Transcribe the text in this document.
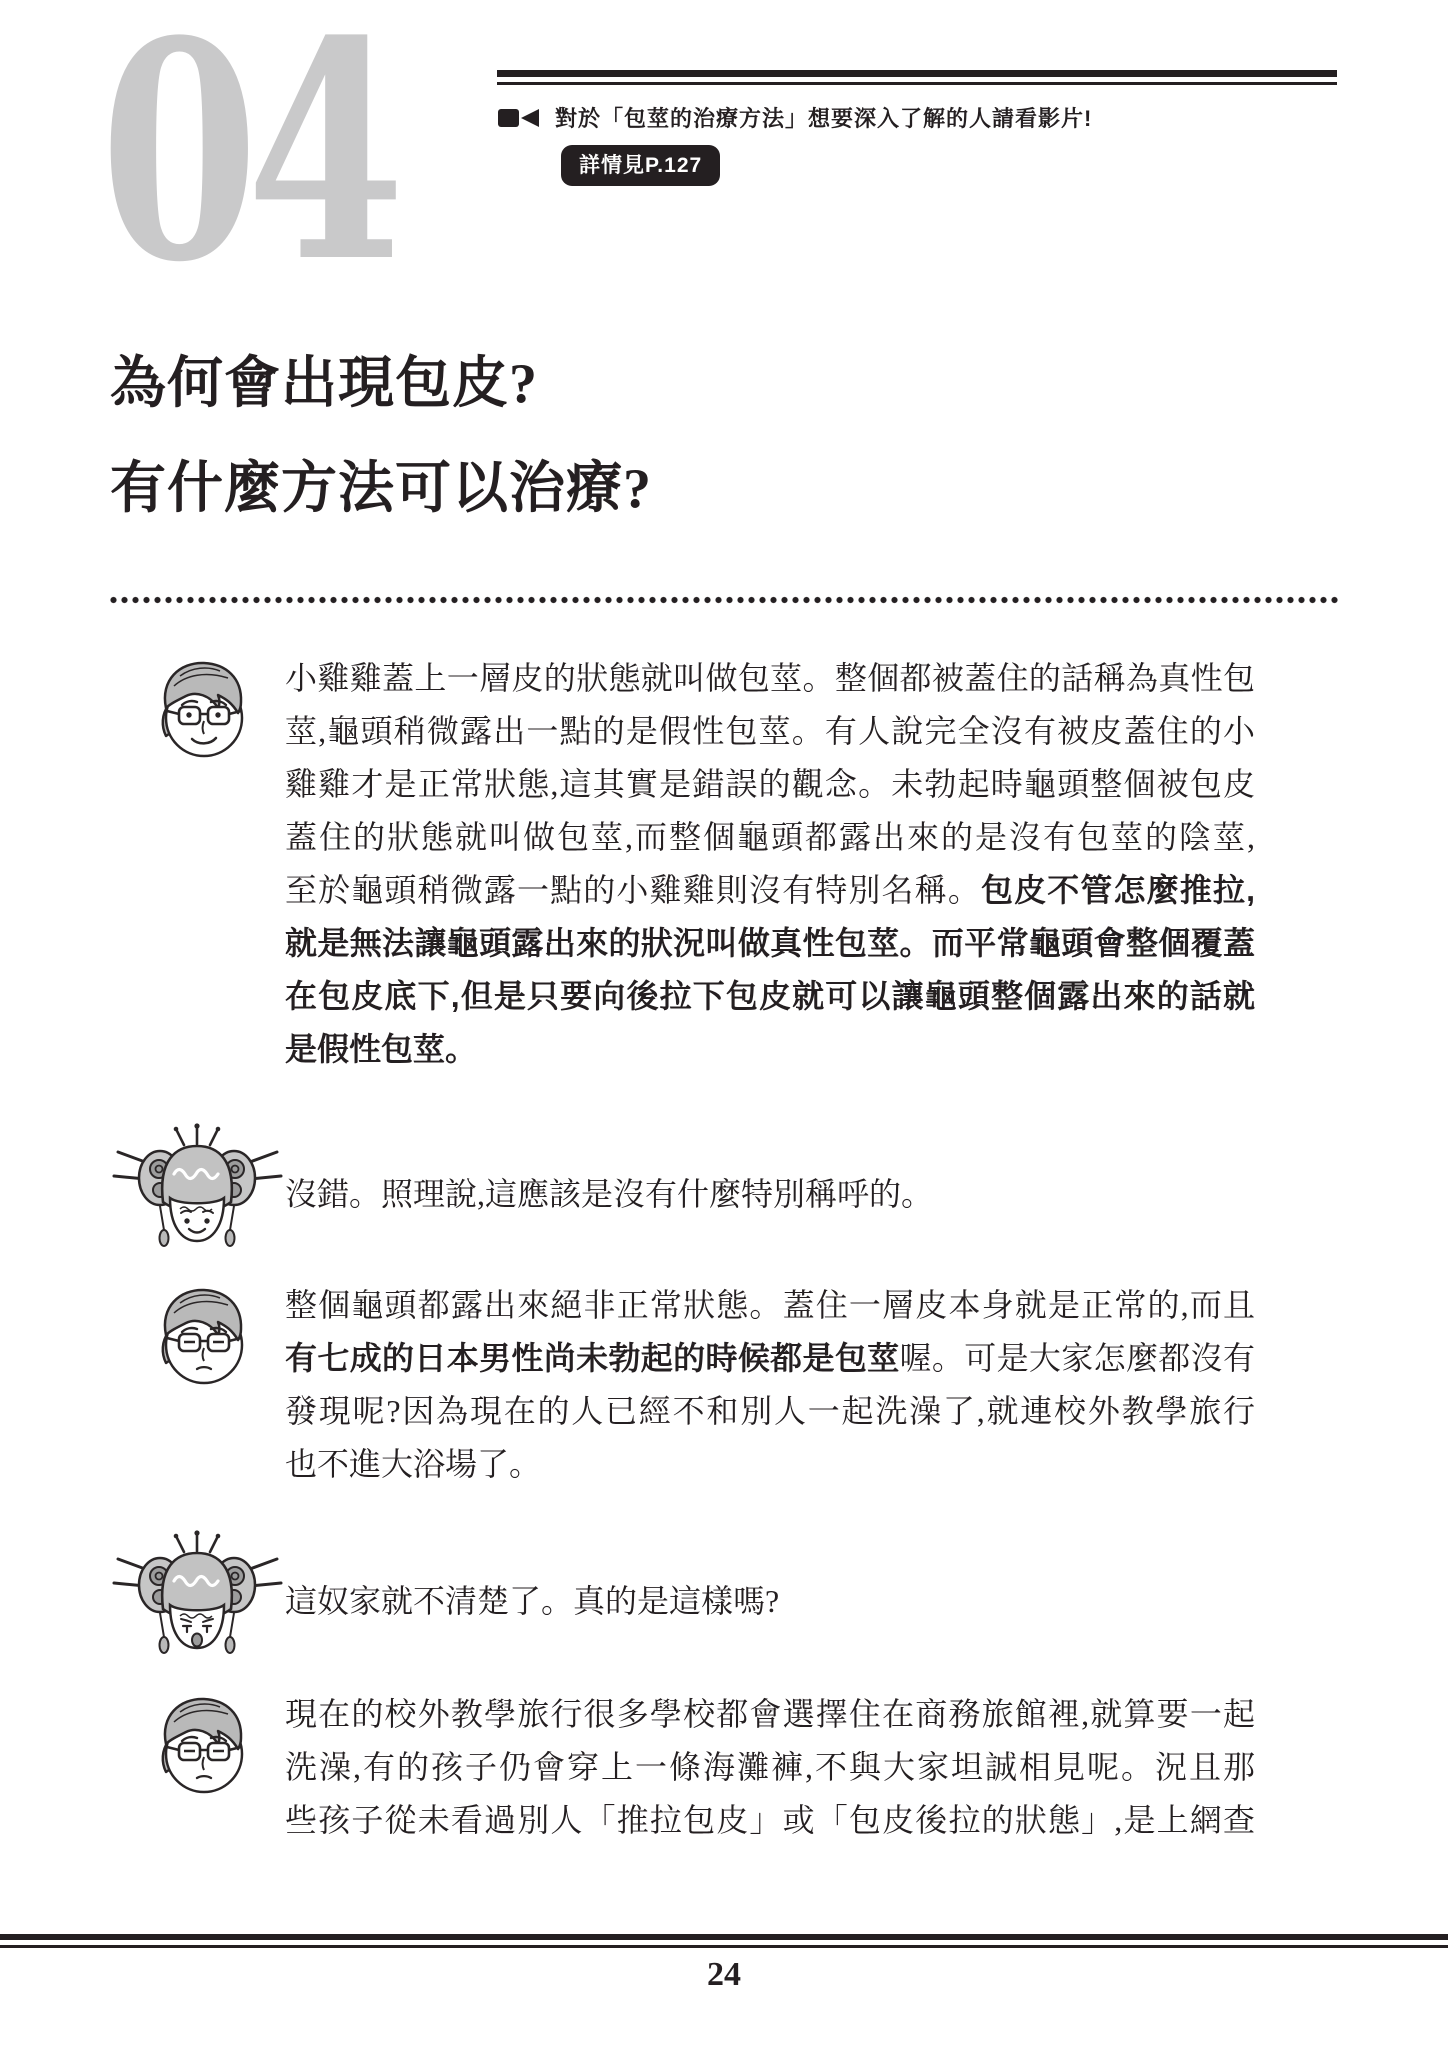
04	對於「包莖的治療方法」想要深入了解的人請看影片!
詳情見P.127
為何會出現包皮?
有什麼方法可以治療?
小雞雞蓋上一層皮的狀態就叫做包莖。整個都被蓋住的話稱為真性包
莖,龜頭稍微露出一點的是假性包莖。有人說完全沒有被皮蓋住的小
雞雞才是正常狀態,這其實是錯誤的觀念。未勃起時龜頭整個被包皮
蓋住的狀態就叫做包莖,而整個龜頭都露出來的是沒有包莖的陰莖,
至於龜頭稍微露一點的小雞雞則沒有特別名稱。包皮不管怎麼推拉,
就是無法讓龜頭露出來的狀況叫做真性包莖。而平常龜頭會整個覆蓋
在包皮底下,但是只要向後拉下包皮就可以讓龜頭整個露出來的話就
是假性包莖。
沒錯。照理說,這應該是沒有什麼特別稱呼的。
整個龜頭都露出來絕非正常狀態。蓋住一層皮本身就是正常的,而且
有七成的日本男性尚未勃起的時候都是包莖喔。可是大家怎麼都沒有
發現呢?因為現在的人已經不和別人一起洗澡了,就連校外教學旅行
也不進大浴場了。
這奴家就不清楚了。真的是這樣嗎?
現在的校外教學旅行很多學校都會選擇住在商務旅館裡,就算要一起
洗澡,有的孩子仍會穿上一條海灘褲,不與大家坦誠相見呢。況且那
些孩子從未看過別人「推拉包皮」或「包皮後拉的狀態」,是上網查
24
